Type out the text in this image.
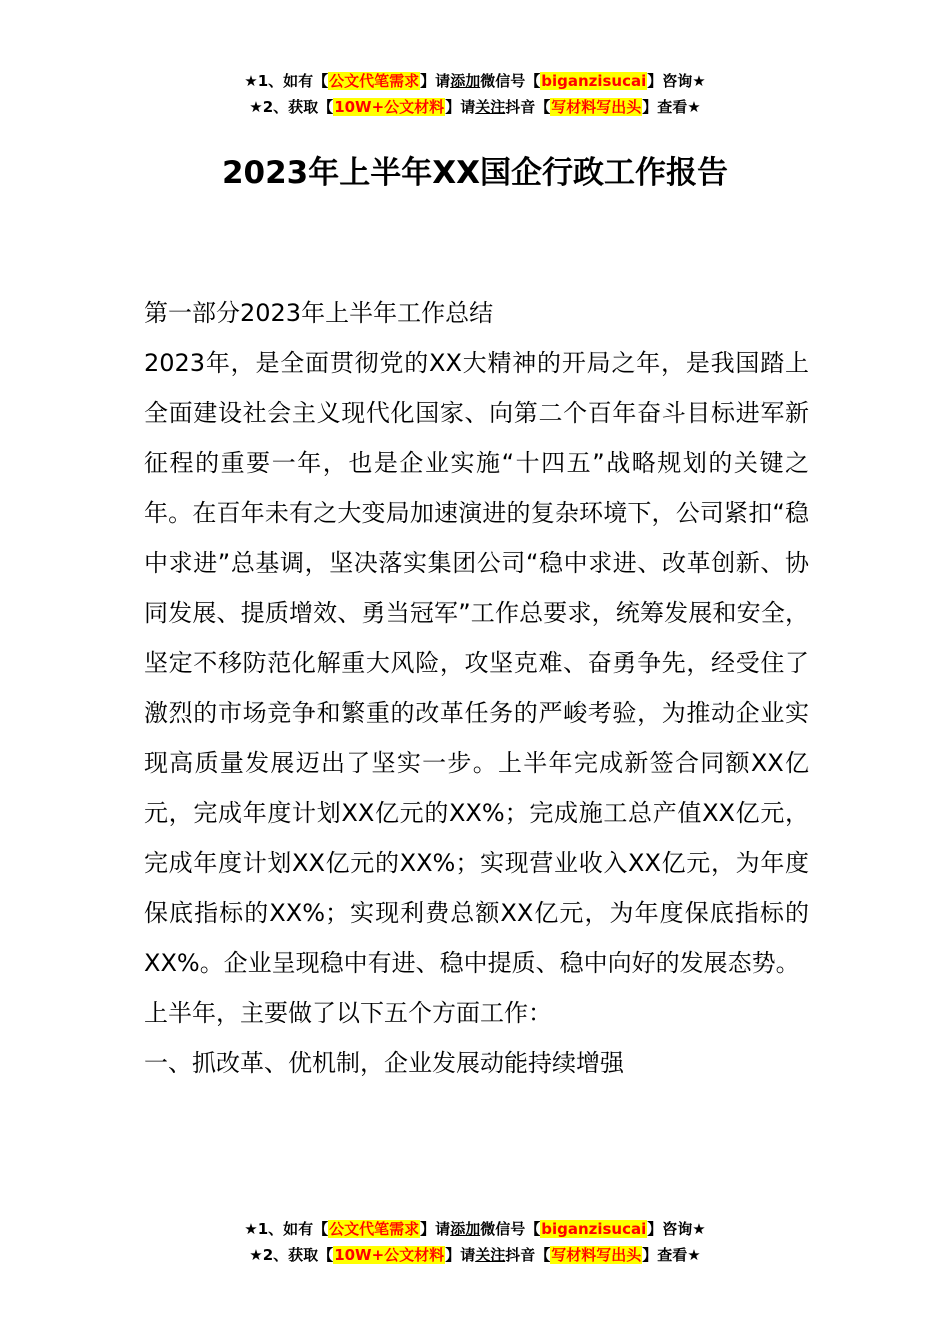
★1、如有【公文代笔需求】请添加微信号【biganzisucai】咨询★
★2、获取【10W+公文材料】请关注抖音【写材料写出头】查看★
2023年上半年XX国企行政工作报告

第一部分2023年上半年工作总结

2023年，是全面贯彻党的XX大精神的开局之年，是我国踏上全面建设社会主义现代化国家、向第二个百年奋斗目标进军新征程的重要一年，也是企业实施“十四五”战略规划的关键之年。在百年未有之大变局加速演进的复杂环境下，公司紧扣“稳中求进”总基调，坚决落实集团公司“稳中求进、改革创新、协同发展、提质增效、勇当冠军”工作总要求，统筹发展和安全，坚定不移防范化解重大风险，攻坚克难、奋勇争先，经受住了激烈的市场竞争和繁重的改革任务的严峻考验，为推动企业实现高质量发展迈出了坚实一步。上半年完成新签合同额XX亿元，完成年度计划XX亿元的XX%；完成施工总产值XX亿元，完成年度计划XX亿元的XX%；实现营业收入XX亿元，为年度保底指标的XX%；实现利费总额XX亿元，为年度保底指标的XX%。企业呈现稳中有进、稳中提质、稳中向好的发展态势。

上半年，主要做了以下五个方面工作：

一、抓改革、优机制，企业发展动能持续增强

★1、如有【公文代笔需求】请添加微信号【biganzisucai】咨询★
★2、获取【10W+公文材料】请关注抖音【写材料写出头】查看★
